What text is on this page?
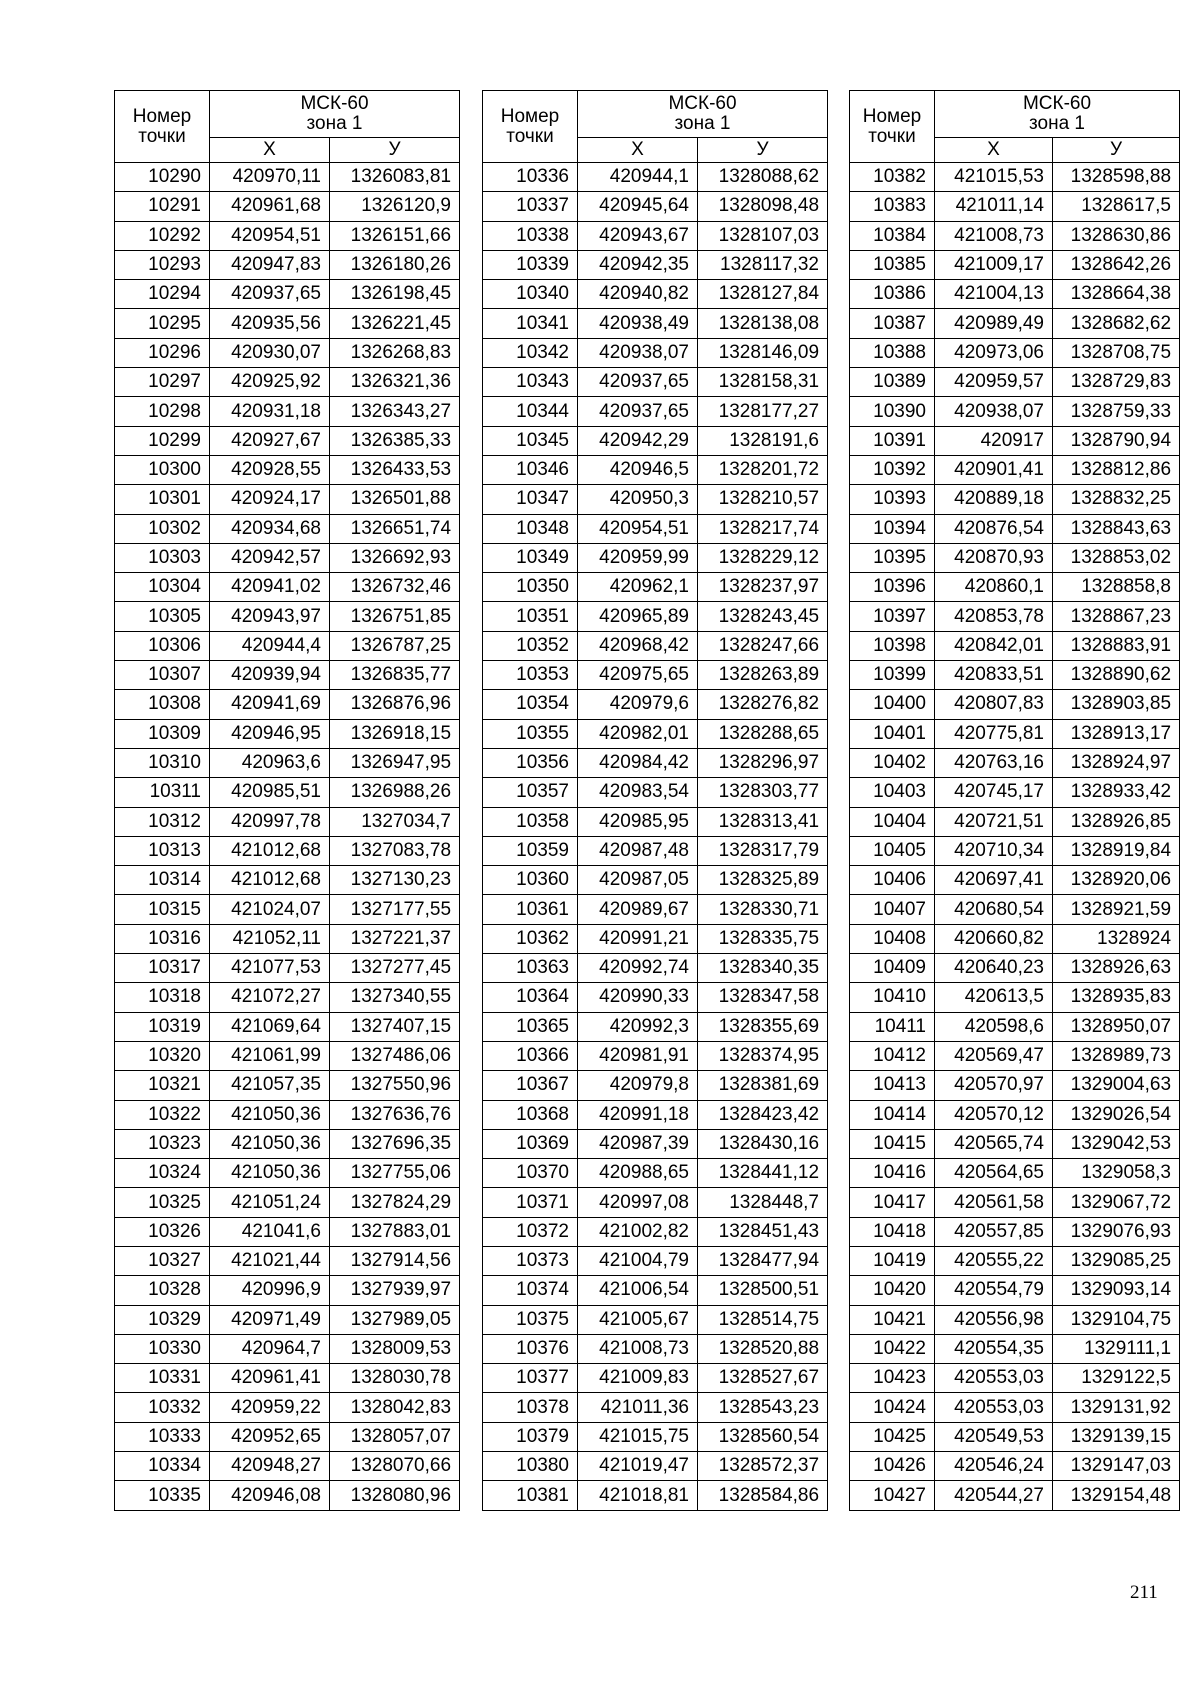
Номер
точки	МСК-60
зона 1	
	Х	У
10290	420970,11	1326083,81
10291	420961,68	1326120,9
10292	420954,51	1326151,66
10293	420947,83	1326180,26
10294	420937,65	1326198,45
10295	420935,56	1326221,45
10296	420930,07	1326268,83
10297	420925,92	1326321,36
10298	420931,18	1326343,27
10299	420927,67	1326385,33
10300	420928,55	1326433,53
10301	420924,17	1326501,88
10302	420934,68	1326651,74
10303	420942,57	1326692,93
10304	420941,02	1326732,46
10305	420943,97	1326751,85
10306	420944,4	1326787,25
10307	420939,94	1326835,77
10308	420941,69	1326876,96
10309	420946,95	1326918,15
10310	420963,6	1326947,95
10311	420985,51	1326988,26
10312	420997,78	1327034,7
10313	421012,68	1327083,78
10314	421012,68	1327130,23
10315	421024,07	1327177,55
10316	421052,11	1327221,37
10317	421077,53	1327277,45
10318	421072,27	1327340,55
10319	421069,64	1327407,15
10320	421061,99	1327486,06
10321	421057,35	1327550,96
10322	421050,36	1327636,76
10323	421050,36	1327696,35
10324	421050,36	1327755,06
10325	421051,24	1327824,29
10326	421041,6	1327883,01
10327	421021,44	1327914,56
10328	420996,9	1327939,97
10329	420971,49	1327989,05
10330	420964,7	1328009,53
10331	420961,41	1328030,78
10332	420959,22	1328042,83
10333	420952,65	1328057,07
10334	420948,27	1328070,66
10335	420946,08	1328080,96
Номер
точки	МСК-60
зона 1	
	Х	У
10336	420944,1	1328088,62
10337	420945,64	1328098,48
10338	420943,67	1328107,03
10339	420942,35	1328117,32
10340	420940,82	1328127,84
10341	420938,49	1328138,08
10342	420938,07	1328146,09
10343	420937,65	1328158,31
10344	420937,65	1328177,27
10345	420942,29	1328191,6
10346	420946,5	1328201,72
10347	420950,3	1328210,57
10348	420954,51	1328217,74
10349	420959,99	1328229,12
10350	420962,1	1328237,97
10351	420965,89	1328243,45
10352	420968,42	1328247,66
10353	420975,65	1328263,89
10354	420979,6	1328276,82
10355	420982,01	1328288,65
10356	420984,42	1328296,97
10357	420983,54	1328303,77
10358	420985,95	1328313,41
10359	420987,48	1328317,79
10360	420987,05	1328325,89
10361	420989,67	1328330,71
10362	420991,21	1328335,75
10363	420992,74	1328340,35
10364	420990,33	1328347,58
10365	420992,3	1328355,69
10366	420981,91	1328374,95
10367	420979,8	1328381,69
10368	420991,18	1328423,42
10369	420987,39	1328430,16
10370	420988,65	1328441,12
10371	420997,08	1328448,7
10372	421002,82	1328451,43
10373	421004,79	1328477,94
10374	421006,54	1328500,51
10375	421005,67	1328514,75
10376	421008,73	1328520,88
10377	421009,83	1328527,67
10378	421011,36	1328543,23
10379	421015,75	1328560,54
10380	421019,47	1328572,37
10381	421018,81	1328584,86
Номер
точки	МСК-60
зона 1	
	Х	У
10382	421015,53	1328598,88
10383	421011,14	1328617,5
10384	421008,73	1328630,86
10385	421009,17	1328642,26
10386	421004,13	1328664,38
10387	420989,49	1328682,62
10388	420973,06	1328708,75
10389	420959,57	1328729,83
10390	420938,07	1328759,33
10391	420917	1328790,94
10392	420901,41	1328812,86
10393	420889,18	1328832,25
10394	420876,54	1328843,63
10395	420870,93	1328853,02
10396	420860,1	1328858,8
10397	420853,78	1328867,23
10398	420842,01	1328883,91
10399	420833,51	1328890,62
10400	420807,83	1328903,85
10401	420775,81	1328913,17
10402	420763,16	1328924,97
10403	420745,17	1328933,42
10404	420721,51	1328926,85
10405	420710,34	1328919,84
10406	420697,41	1328920,06
10407	420680,54	1328921,59
10408	420660,82	1328924
10409	420640,23	1328926,63
10410	420613,5	1328935,83
10411	420598,6	1328950,07
10412	420569,47	1328989,73
10413	420570,97	1329004,63
10414	420570,12	1329026,54
10415	420565,74	1329042,53
10416	420564,65	1329058,3
10417	420561,58	1329067,72
10418	420557,85	1329076,93
10419	420555,22	1329085,25
10420	420554,79	1329093,14
10421	420556,98	1329104,75
10422	420554,35	1329111,1
10423	420553,03	1329122,5
10424	420553,03	1329131,92
10425	420549,53	1329139,15
10426	420546,24	1329147,03
10427	420544,27	1329154,48
211
